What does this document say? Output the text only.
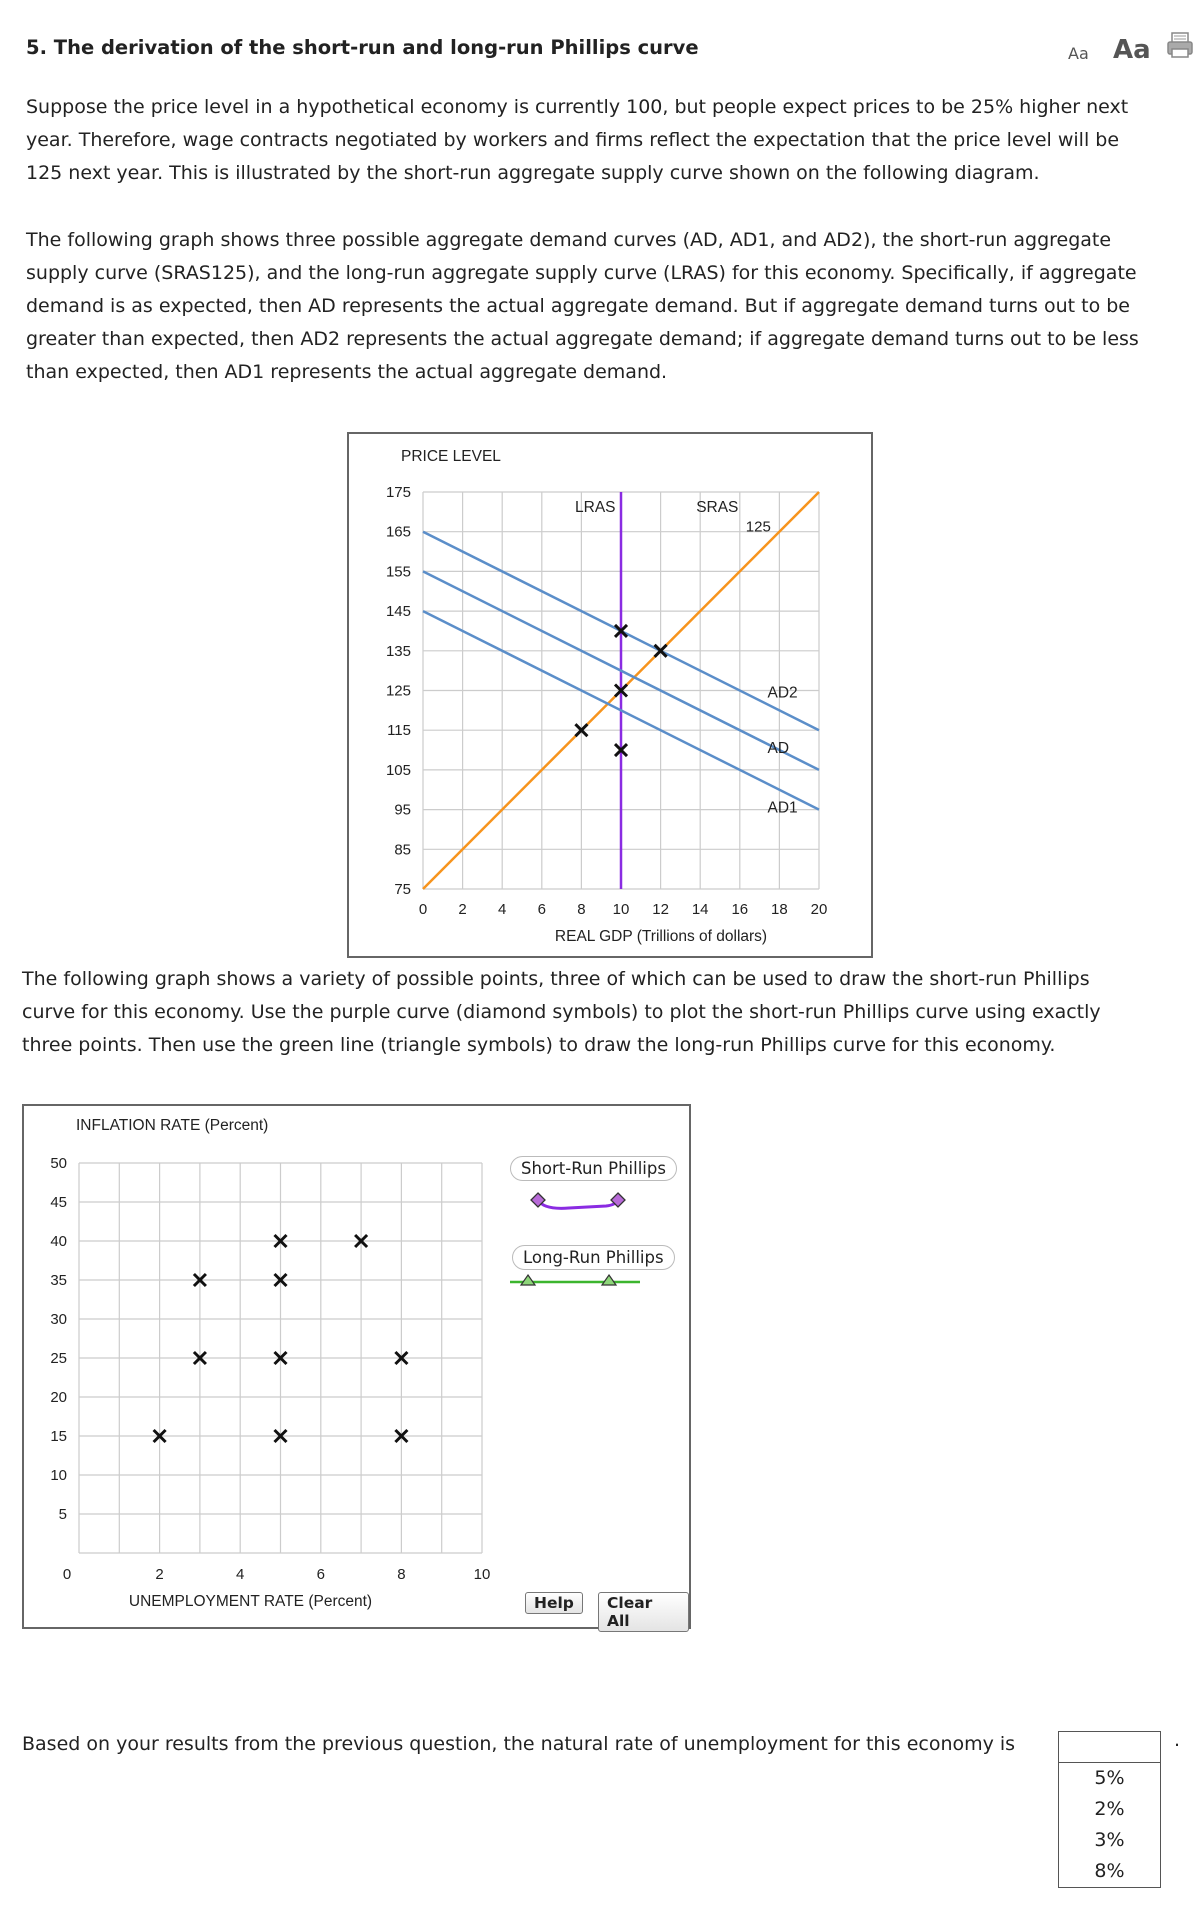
5. The derivation of the short-run and long-run Phillips curve	Aa Aa
Suppose the price level in a hypothetical economy is currently 100, but people expect prices to be 25% higher next
year. Therefore, wage contracts negotiated by workers and firms reflect the expectation that the price level will be
125 next year. This is illustrated by the short-run aggregate supply curve shown on the following diagram.
The following graph shows three possible aggregate demand curves (AD, AD1, and AD2), the short-run aggregate
supply curve (SRAS125), and the long-run aggregate supply curve (LRAS) for this economy. Specifically, if aggregate
demand is as expected, then AD represents the actual aggregate demand. But if aggregate demand turns out to be
greater than expected, then AD2 represents the actual aggregate demand; if aggregate demand turns out to be less
than expected, then AD1 represents the actual aggregate demand.
0 2 4 6 8 10 12 14 16 18 20
75
85
95
105
115
125
135
145
155
165
175
PRICE LEVEL
REAL GDP (Trillions of dollars)
LRAS	SRAS
125
AD2
AD
AD1
The following graph shows a variety of possible points, three of which can be used to draw the short-run Phillips
curve for this economy. Use the purple curve (diamond symbols) to plot the short-run Phillips curve using exactly
three points. Then use the green line (triangle symbols) to draw the long-run Phillips curve for this economy.
0	2	4	6	8	10
5
10
15
20
25
30
35
40
45
50
INFLATION RATE (Percent)
UNEMPLOYMENT RATE (Percent)
Short-Run Phillips
Long-Run Phillips
Help	Clear All
Based on your results from the previous question, the natural rate of unemployment for this economy is	.
5%
2%
3%
8%
